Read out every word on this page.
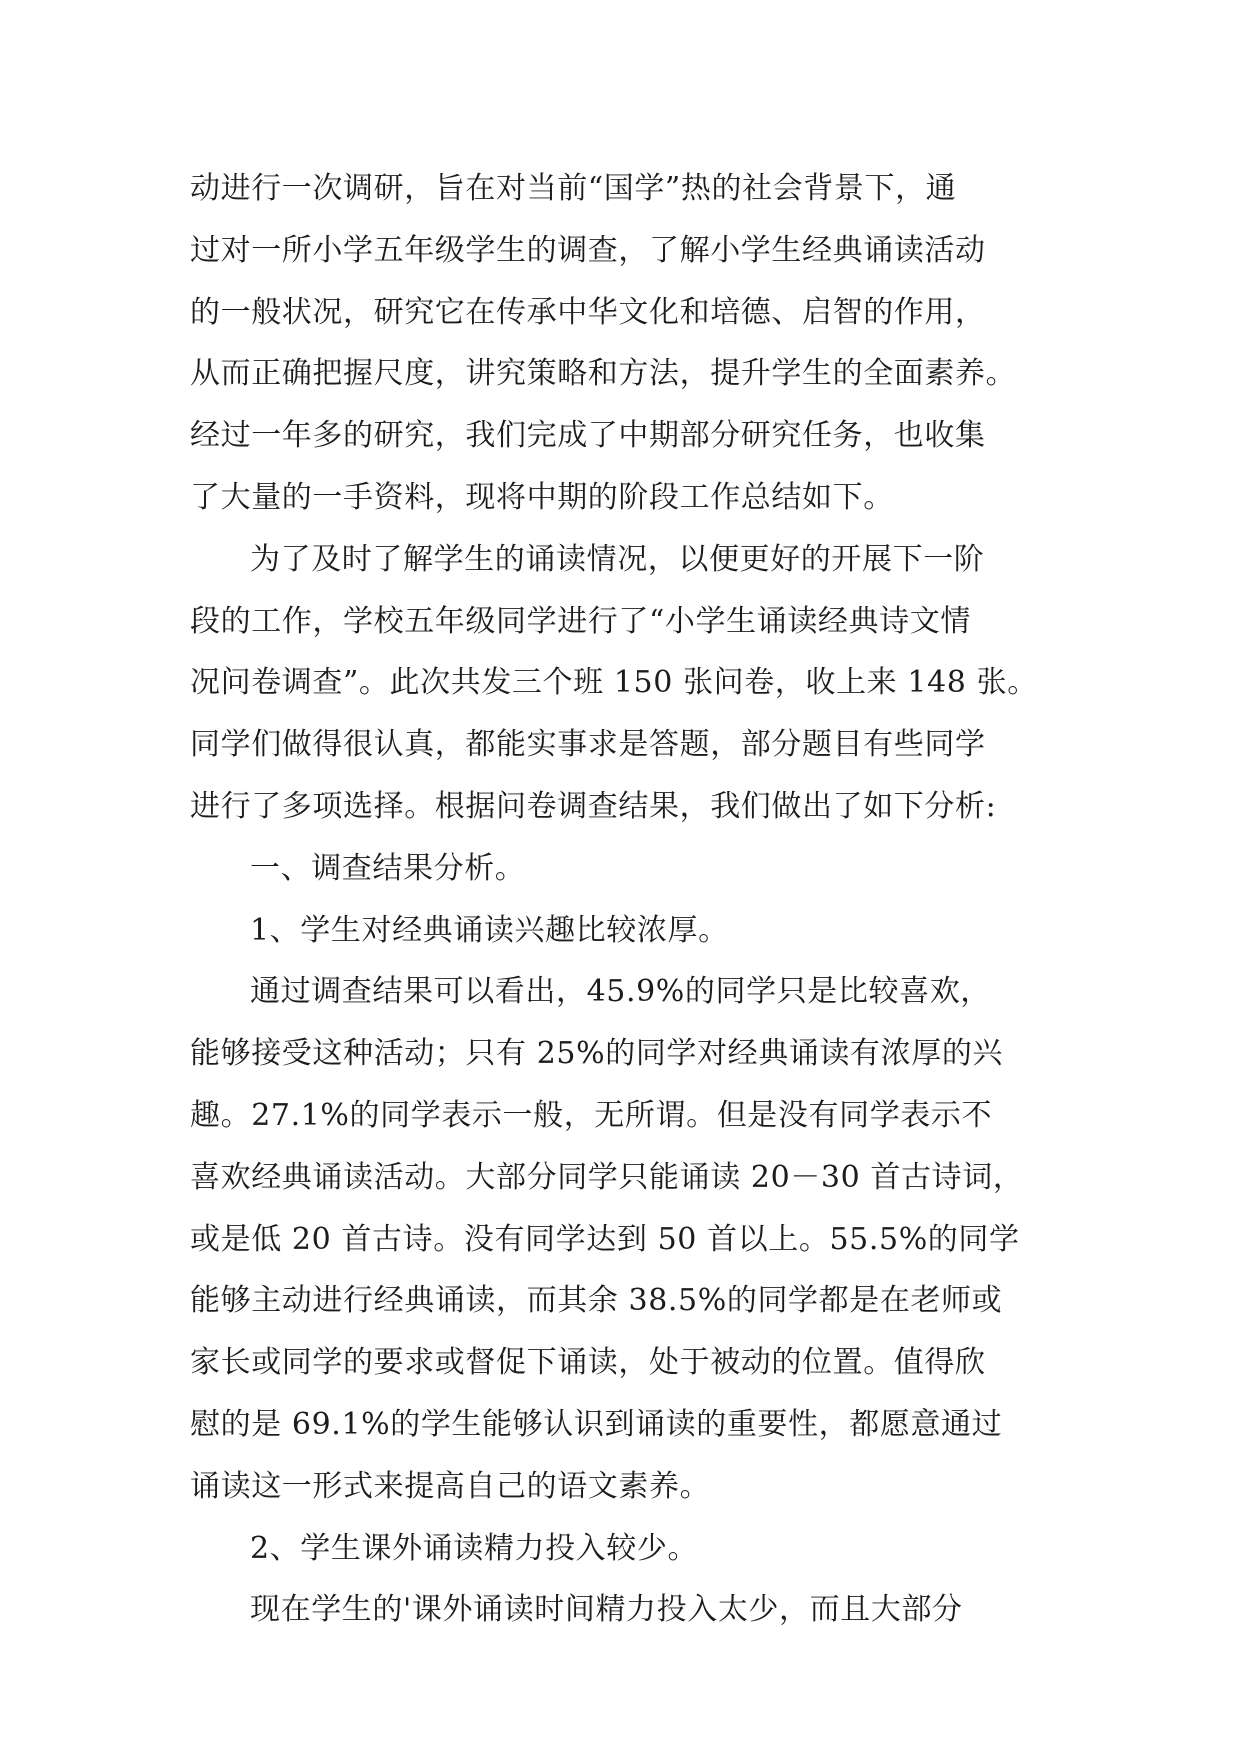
动进行一次调研，旨在对当前“国学”热的社会背景下，通
过对一所小学五年级学生的调查，了解小学生经典诵读活动
的一般状况，研究它在传承中华文化和培德、启智的作用，
从而正确把握尺度，讲究策略和方法，提升学生的全面素养。
经过一年多的研究，我们完成了中期部分研究任务，也收集
了大量的一手资料，现将中期的阶段工作总结如下。
为了及时了解学生的诵读情况，以便更好的开展下一阶
段的工作，学校五年级同学进行了“小学生诵读经典诗文情
况问卷调查”。此次共发三个班 150 张问卷，收上来 148 张。
同学们做得很认真，都能实事求是答题，部分题目有些同学
进行了多项选择。根据问卷调查结果，我们做出了如下分析:
一、调查结果分析。
1、学生对经典诵读兴趣比较浓厚。
通过调查结果可以看出，45.9%的同学只是比较喜欢，
能够接受这种活动；只有 25%的同学对经典诵读有浓厚的兴
趣。27.1%的同学表示一般，无所谓。但是没有同学表示不
喜欢经典诵读活动。大部分同学只能诵读 20－30 首古诗词，
或是低 20 首古诗。没有同学达到 50 首以上。55.5%的同学
能够主动进行经典诵读，而其余 38.5%的同学都是在老师或
家长或同学的要求或督促下诵读，处于被动的位置。值得欣
慰的是 69.1%的学生能够认识到诵读的重要性，都愿意通过
诵读这一形式来提高自己的语文素养。
2、学生课外诵读精力投入较少。
现在学生的'课外诵读时间精力投入太少，而且大部分
